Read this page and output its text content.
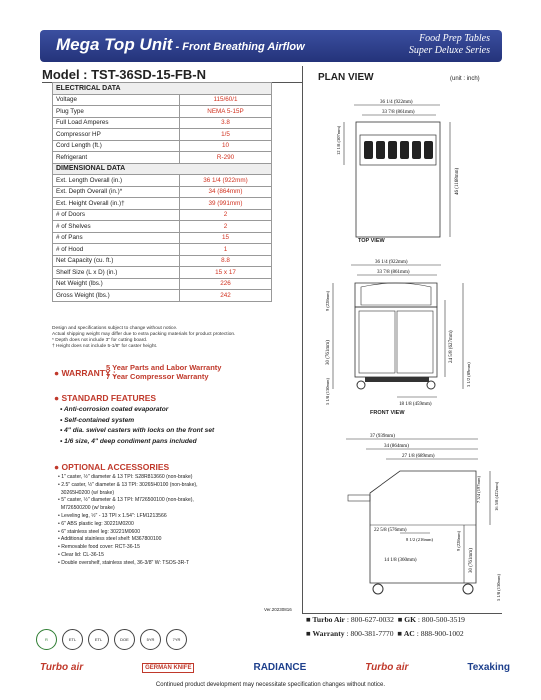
Mega Top Unit - Front Breathing Airflow
Food Prep Tables
Super Deluxe Series
Model : TST-36SD-15-FB-N
ELECTRICAL DATA	
Voltage	115/60/1
Plug Type	NEMA 5-15P
Full Load Amperes	3.8
Compressor HP	1/5
Cord Length (ft.)	10
Refrigerant	R-290
DIMENSIONAL DATA	
Ext. Length Overall (in.)	36 1/4 (922mm)
Ext. Depth Overall (in.)*	34 (864mm)
Ext. Height Overall (in.)†	39 (991mm)
# of Doors	2
# of Shelves	2
# of Pans	15
# of Hood	1
Net Capacity (cu. ft.)	8.8
Shelf Size (L x D) (in.)	15 x 17
Net Weight (lbs.)	226
Gross Weight (lbs.)	242
Design and specifications subject to change without notice.
Actual shipping weight may differ due to extra packing materials for product protection.
* Depth does not include 3" for cutting board.
† Height does not include 5-1/8" for caster height.
● WARRANTY :
5 Year Parts and Labor Warranty
7 Year Compressor Warranty
● STANDARD FEATURES
• Anti-corrosion coated evaporator
• Self-contained system
• 4" dia. swivel casters with locks on the front set
• 1/6 size, 4" deep condiment pans included
● OPTIONAL ACCESSORIES
• 1" caster, ½" diameter & 13 TPI: S28R813660 (non-brake)
• 2.5" caster, ½" diameter & 13 TPI: 30265H0100 (non-brake),
30265H0200 (w/ brake)
• 5" caster, ½" diameter & 13 TPI: M726500100 (non-brake),
M726500200 (w/ brake)
• Leveling leg, ½" - 13 TPI x 1.54": LFM1213566
• 6" ABS plastic leg: 30221M0200
• 6" stainless steel leg: 30221M0600
• Additional stainless steel shelf: M367800100
• Removable food cover: RCT-36-15
• Clear lid: CL-36-15
• Double overshelf, stainless steel, 36-3/8" W: TSOS-3R-T
PLAN VIEW	(unit : inch)
36 1/4 (922mm)
33 7/8 (861mm)
12 1/8 (307mm)
46 (1168mm)
TOP VIEW
36 1/4 (922mm)
33 7/8 (861mm)
9 (228mm)
30 (761mm)	24 5/8 (627mm)
5 1/8 (130mm)
3 1/2 (89mm)
18 1/8 (459mm)
FRONT VIEW
37 (939mm)
34 (864mm)
27 1/8 (689mm)
22 5/8 (576mm)
8 1/2 (216mm)
14 1/8 (360mm)
9 (228mm)
30 (761mm)
5 1/8 (130mm)
7 3/4 (197mm)	16 5/8 (422mm)
Ver.20230816
■ Turbo Air : 800-627-0032  ■ GK : 800-500-3519
■ Warranty : 800-381-7770  ■ AC : 888-900-1002
R	ETL	ETL	DOE	5YR	7YR
Turbo air	GERMAN KNIFE	RADIANCE	Turbo air	Texaking
Continued product development may necessitate specification changes without notice.
